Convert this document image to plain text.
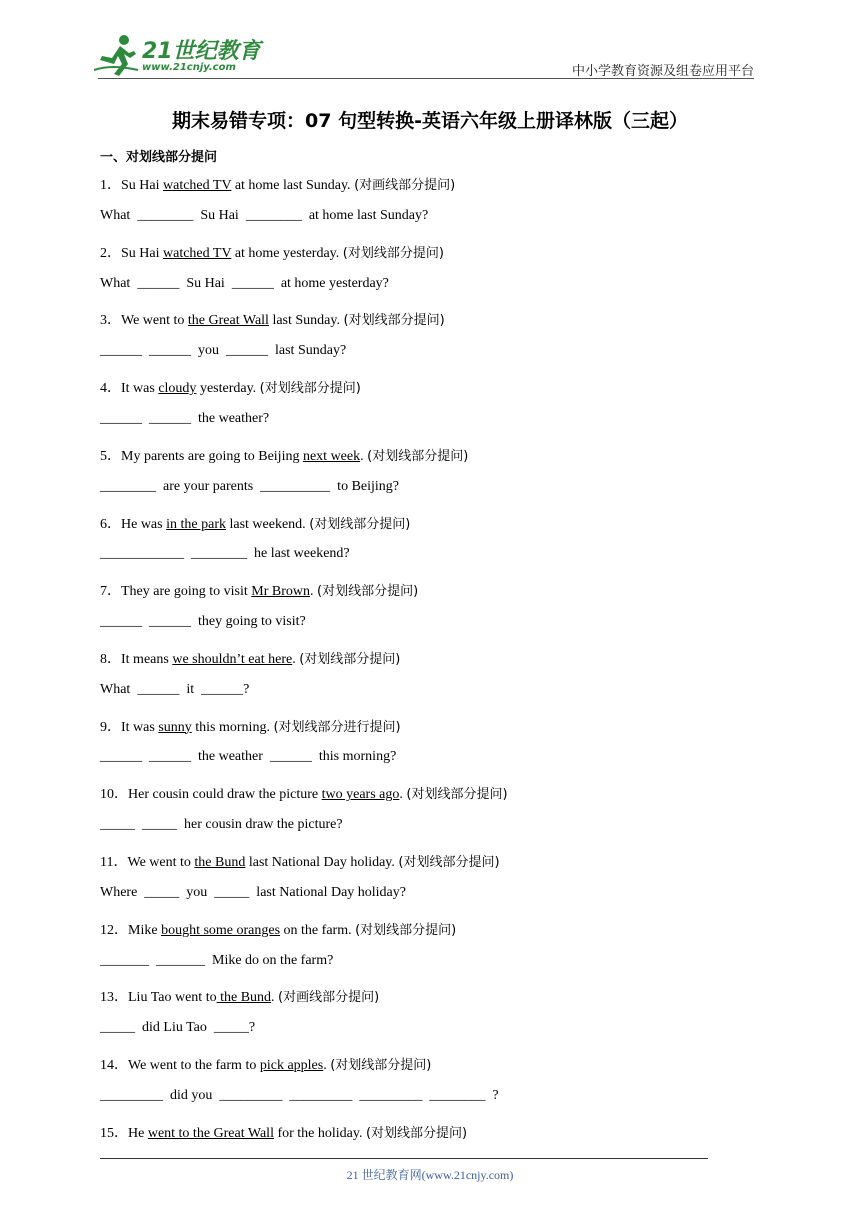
21世纪教育
www.21cnjy.com	中小学教育资源及组卷应用平台
期末易错专项：07 句型转换-英语六年级上册译林版（三起）
一、对划线部分提问
1．Su Hai watched TV at home last Sunday. (对画线部分提问)
What  ________  Su Hai  ________  at home last Sunday?
2．Su Hai watched TV at home yesterday. (对划线部分提问)
What  ______  Su Hai  ______  at home yesterday?
3．We went to the Great Wall last Sunday. (对划线部分提问)
______  ______  you  ______  last Sunday?
4．It was cloudy yesterday. (对划线部分提问)
______  ______  the weather?
5．My parents are going to Beijing next week. (对划线部分提问)
________  are your parents  __________  to Beijing?
6．He was in the park last weekend. (对划线部分提问)
____________  ________  he last weekend?
7．They are going to visit Mr Brown. (对划线部分提问)
______  ______  they going to visit?
8．It means we shouldn’t eat here. (对划线部分提问)
What  ______  it  ______?
9．It was sunny this morning. (对划线部分进行提问)
______  ______  the weather  ______  this morning?
10．Her cousin could draw the picture two years ago. (对划线部分提问)
_____  _____  her cousin draw the picture?
11．We went to the Bund last National Day holiday. (对划线部分提问)
Where  _____  you  _____  last National Day holiday?
12．Mike bought some oranges on the farm. (对划线部分提问)
_______  _______  Mike do on the farm?
13．Liu Tao went to the Bund. (对画线部分提问)
_____  did Liu Tao  _____?
14．We went to the farm to pick apples. (对划线部分提问)
_________  did you  _________  _________  _________  ________  ?
15．He went to the Great Wall for the holiday. (对划线部分提问)
21 世纪教育网(www.21cnjy.com)
